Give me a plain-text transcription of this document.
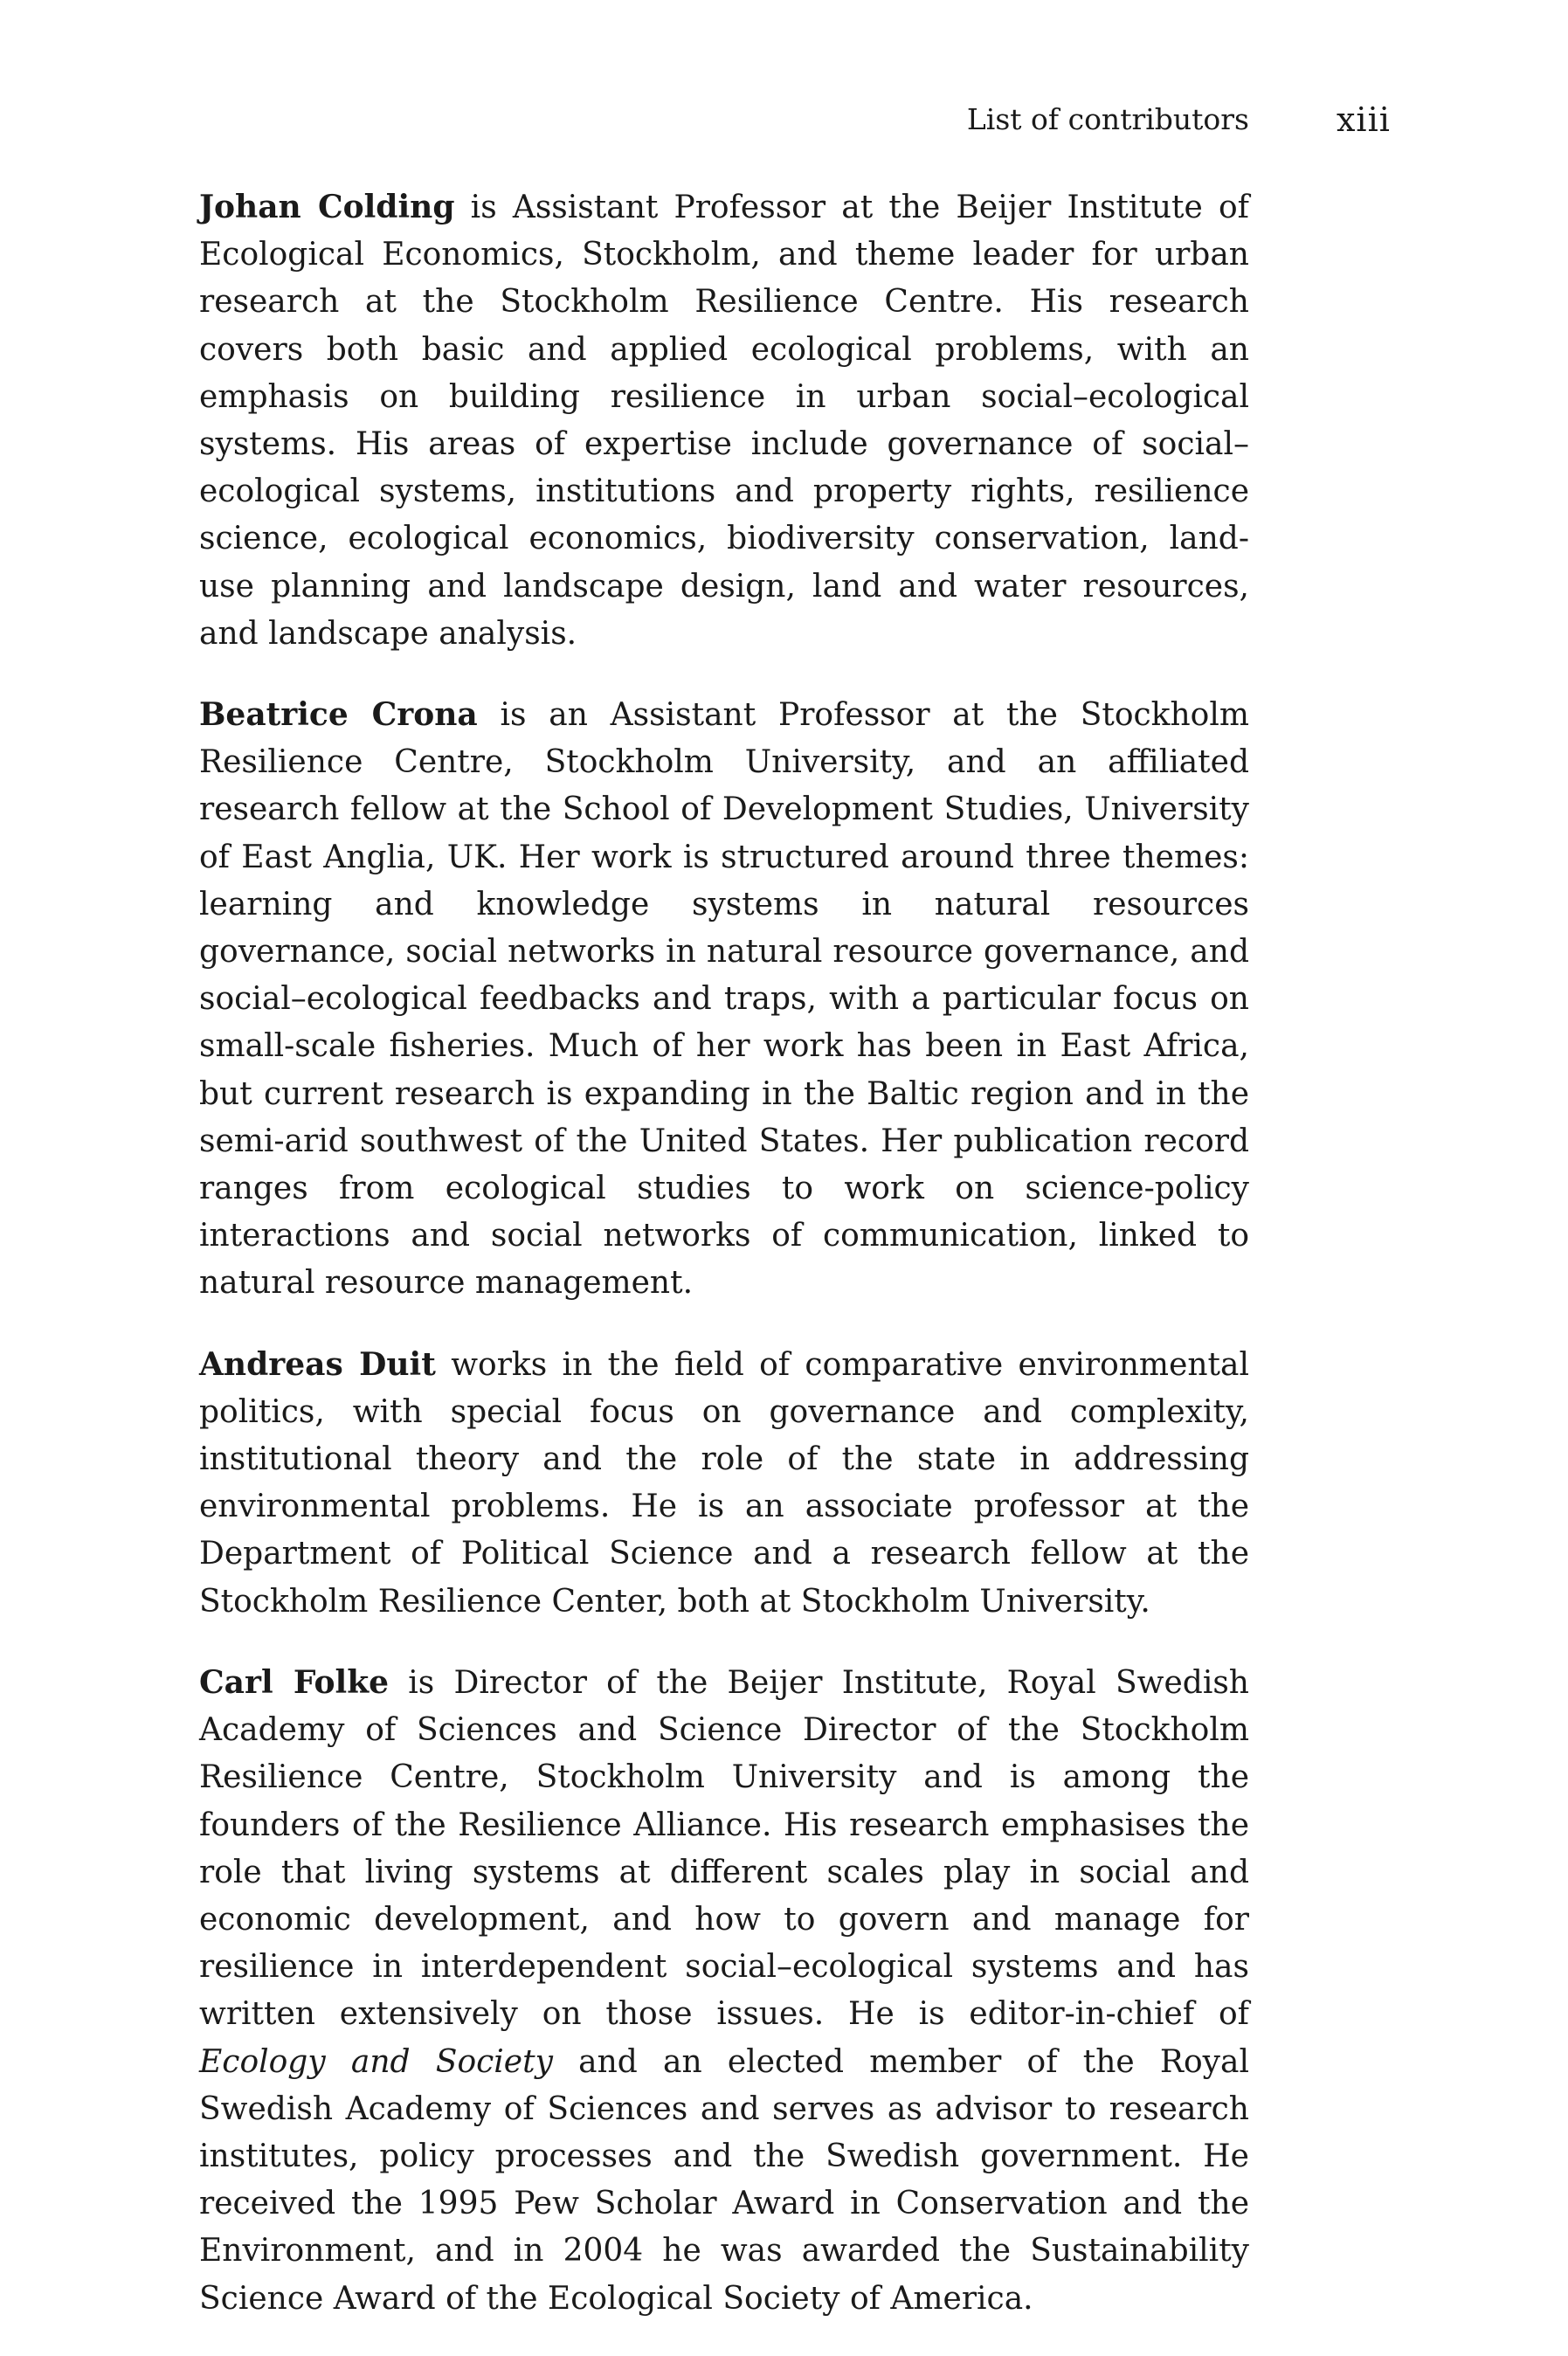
List of contributors	xiii

Johan Colding is Assistant Professor at the Beijer Institute of Ecological Economics, Stockholm, and theme leader for urban research at the Stockholm Resilience Centre. His research covers both basic and applied ecological problems, with an emphasis on building resilience in urban social–ecological systems. His areas of expertise include governance of social–ecological systems, institutions and property rights, resilience science, ecological economics, biodiversity conservation, land-use planning and landscape design, land and water resources, and landscape analysis.

Beatrice Crona is an Assistant Professor at the Stockholm Resilience Centre, Stockholm University, and an affiliated research fellow at the School of Development Studies, University of East Anglia, UK. Her work is structured around three themes: learning and knowledge systems in natural resources governance, social networks in natural resource governance, and social–ecological feedbacks and traps, with a particular focus on small-scale fisheries. Much of her work has been in East Africa, but current research is expanding in the Baltic region and in the semi-arid southwest of the United States. Her publication record ranges from ecological studies to work on science-policy interactions and social networks of communication, linked to natural resource management.

Andreas Duit works in the field of comparative environmental politics, with special focus on governance and complexity, institutional theory and the role of the state in addressing environmental problems. He is an associate professor at the Department of Political Science and a research fellow at the Stockholm Resilience Center, both at Stockholm University.

Carl Folke is Director of the Beijer Institute, Royal Swedish Academy of Sciences and Science Director of the Stockholm Resilience Centre, Stockholm University and is among the founders of the Resilience Alliance. His research emphasises the role that living systems at different scales play in social and economic development, and how to govern and manage for resilience in interdependent social–ecological systems and has written extensively on those issues. He is editor-in-chief of Ecology and Society and an elected member of the Royal Swedish Academy of Sciences and serves as advisor to research institutes, policy processes and the Swedish government. He received the 1995 Pew Scholar Award in Conservation and the Environment, and in 2004 he was awarded the Sustainability Science Award of the Ecological Society of America.
